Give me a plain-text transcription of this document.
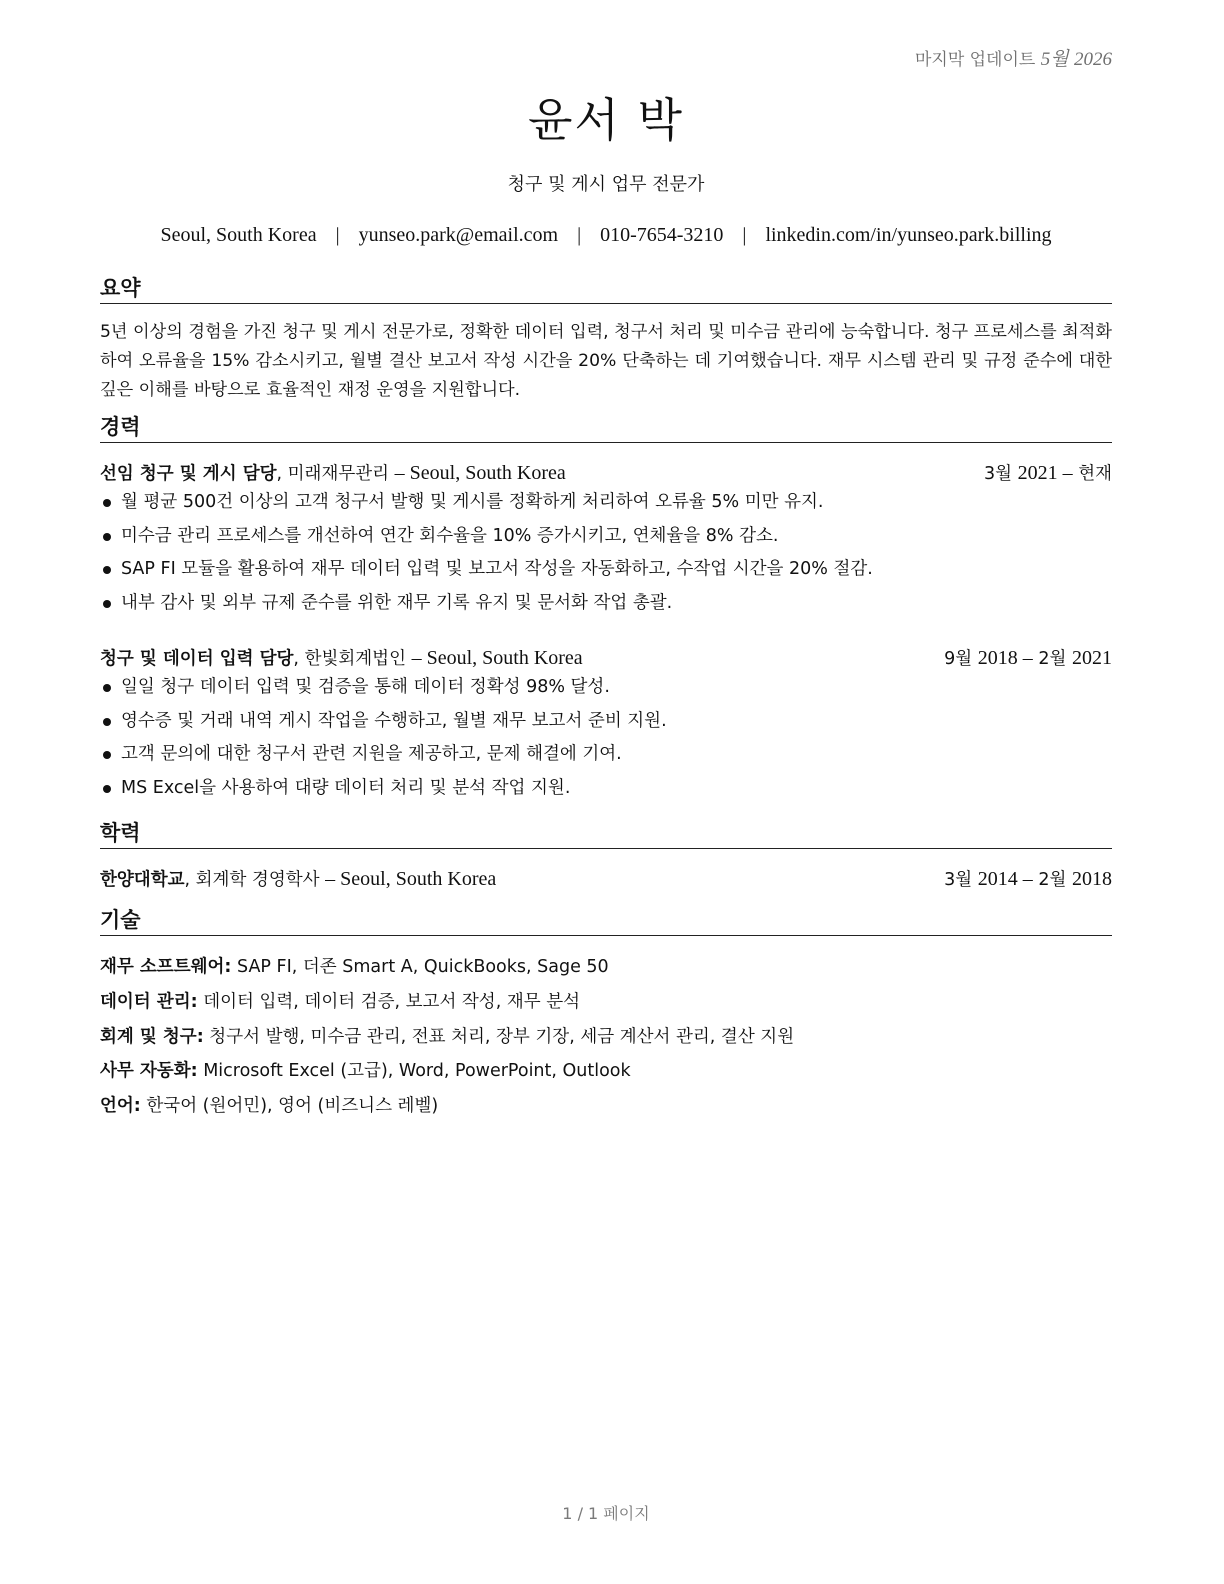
마지막 업데이트 5월 2026
윤서 박
청구 및 게시 업무 전문가
Seoul, South Korea | yunseo.park@email.com | 010-7654-3210 | linkedin.com/in/yunseo.park.billing
요약

5년 이상의 경험을 가진 청구 및 게시 전문가로, 정확한 데이터 입력, 청구서 처리 및 미수금 관리에 능숙합니다. 청구 프로세스를 최적화하여 오류율을 15% 감소시키고, 월별 결산 보고서 작성 시간을 20% 단축하는 데 기여했습니다. 재무 시스템 관리 및 규정 준수에 대한 깊은 이해를 바탕으로 효율적인 재정 운영을 지원합니다.

경력
선임 청구 및 게시 담당, 미래재무관리 – Seoul, South Korea	3월 2021 – 현재
월 평균 500건 이상의 고객 청구서 발행 및 게시를 정확하게 처리하여 오류율 5% 미만 유지.
미수금 관리 프로세스를 개선하여 연간 회수율을 10% 증가시키고, 연체율을 8% 감소.
SAP FI 모듈을 활용하여 재무 데이터 입력 및 보고서 작성을 자동화하고, 수작업 시간을 20% 절감.
내부 감사 및 외부 규제 준수를 위한 재무 기록 유지 및 문서화 작업 총괄.
청구 및 데이터 입력 담당, 한빛회계법인 – Seoul, South Korea	9월 2018 – 2월 2021
일일 청구 데이터 입력 및 검증을 통해 데이터 정확성 98% 달성.
영수증 및 거래 내역 게시 작업을 수행하고, 월별 재무 보고서 준비 지원.
고객 문의에 대한 청구서 관련 지원을 제공하고, 문제 해결에 기여.
MS Excel을 사용하여 대량 데이터 처리 및 분석 작업 지원.
학력
한양대학교, 회계학 경영학사 – Seoul, South Korea	3월 2014 – 2월 2018
기술
재무 소프트웨어: SAP FI, 더존 Smart A, QuickBooks, Sage 50
데이터 관리: 데이터 입력, 데이터 검증, 보고서 작성, 재무 분석
회계 및 청구: 청구서 발행, 미수금 관리, 전표 처리, 장부 기장, 세금 계산서 관리, 결산 지원
사무 자동화: Microsoft Excel (고급), Word, PowerPoint, Outlook
언어: 한국어 (원어민), 영어 (비즈니스 레벨)
1 / 1 페이지
